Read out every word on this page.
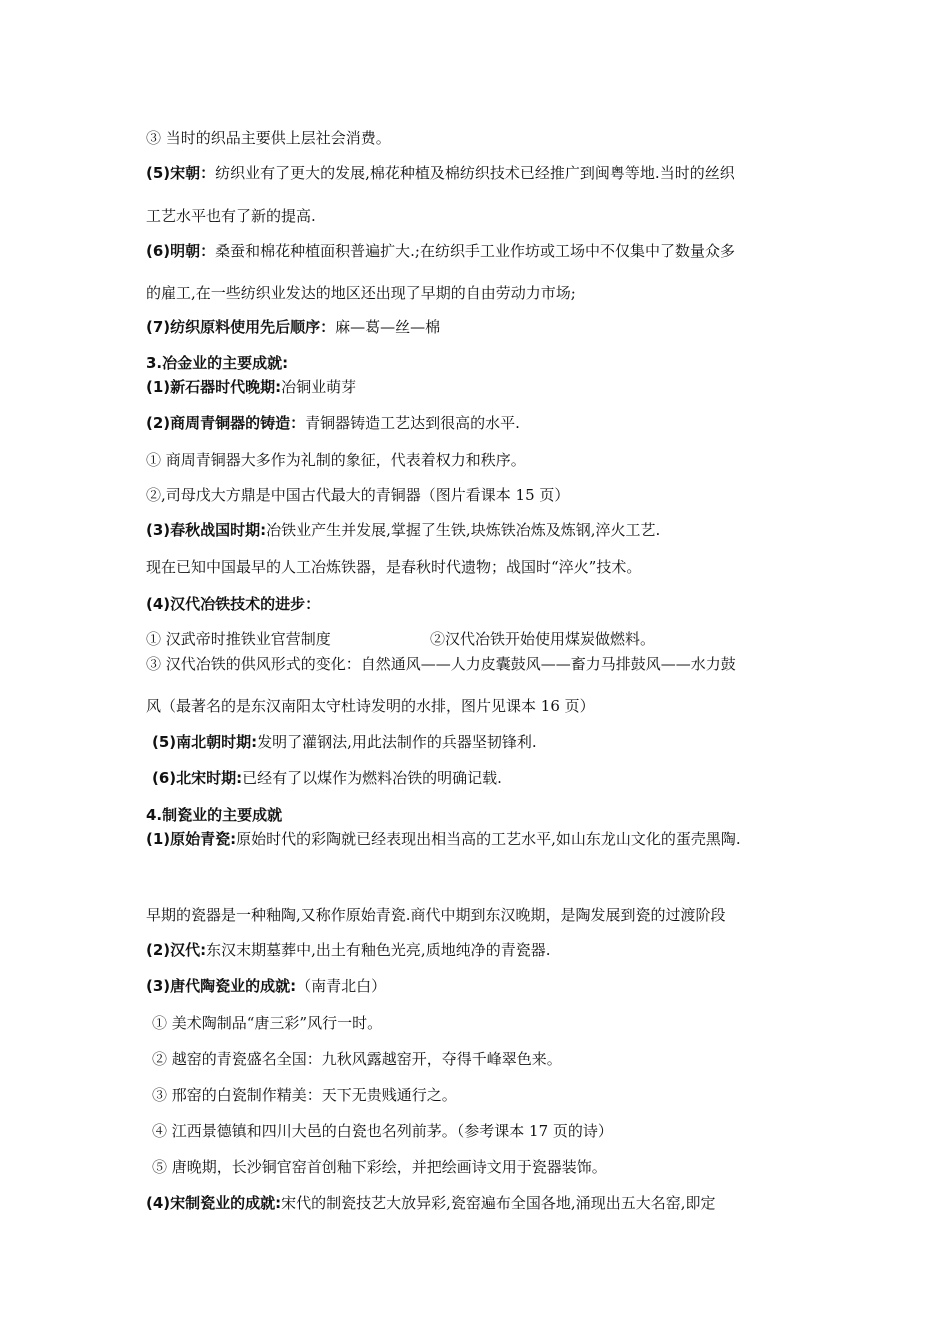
③ 当时的织品主要供上层社会消费。
(5)宋朝：纺织业有了更大的发展,棉花种植及棉纺织技术已经推广到闽粤等地.当时的丝织
工艺水平也有了新的提高.
(6)明朝：桑蚕和棉花种植面积普遍扩大.;在纺织手工业作坊或工场中不仅集中了数量众多
的雇工,在一些纺织业发达的地区还出现了早期的自由劳动力市场;
(7)纺织原料使用先后顺序：麻—葛—丝—棉
3.冶金业的主要成就:
(1)新石器时代晚期:冶铜业萌芽
(2)商周青铜器的铸造：青铜器铸造工艺达到很高的水平.
① 商周青铜器大多作为礼制的象征，代表着权力和秩序。
②,司母戊大方鼎是中国古代最大的青铜器（图片看课本 15 页）
(3)春秋战国时期:冶铁业产生并发展,掌握了生铁,块炼铁冶炼及炼钢,淬火工艺.
现在已知中国最早的人工冶炼铁器，是春秋时代遗物；战国时“淬火”技术。
(4)汉代冶铁技术的进步：
① 汉武帝时推铁业官营制度	②汉代冶铁开始使用煤炭做燃料。
③ 汉代冶铁的供风形式的变化：自然通风——人力皮囊鼓风——畜力马排鼓风——水力鼓
风（最著名的是东汉南阳太守杜诗发明的水排，图片见课本 16 页）
(5)南北朝时期:发明了灌钢法,用此法制作的兵器坚韧锋利.
(6)北宋时期:已经有了以煤作为燃料冶铁的明确记载.
4.制瓷业的主要成就
(1)原始青瓷:原始时代的彩陶就已经表现出相当高的工艺水平,如山东龙山文化的蛋壳黑陶.
早期的瓷器是一种釉陶,又称作原始青瓷.商代中期到东汉晚期，是陶发展到瓷的过渡阶段
(2)汉代:东汉末期墓葬中,出土有釉色光亮,质地纯净的青瓷器.
(3)唐代陶瓷业的成就:（南青北白）
① 美术陶制品“唐三彩”风行一时。
② 越窑的青瓷盛名全国：九秋风露越窑开，夺得千峰翠色来。
③ 邢窑的白瓷制作精美：天下无贵贱通行之。
④ 江西景德镇和四川大邑的白瓷也名列前茅。（参考课本 17 页的诗）
⑤ 唐晚期，长沙铜官窑首创釉下彩绘，并把绘画诗文用于瓷器装饰。
(4)宋制瓷业的成就:宋代的制瓷技艺大放异彩,瓷窑遍布全国各地,涌现出五大名窑,即定
